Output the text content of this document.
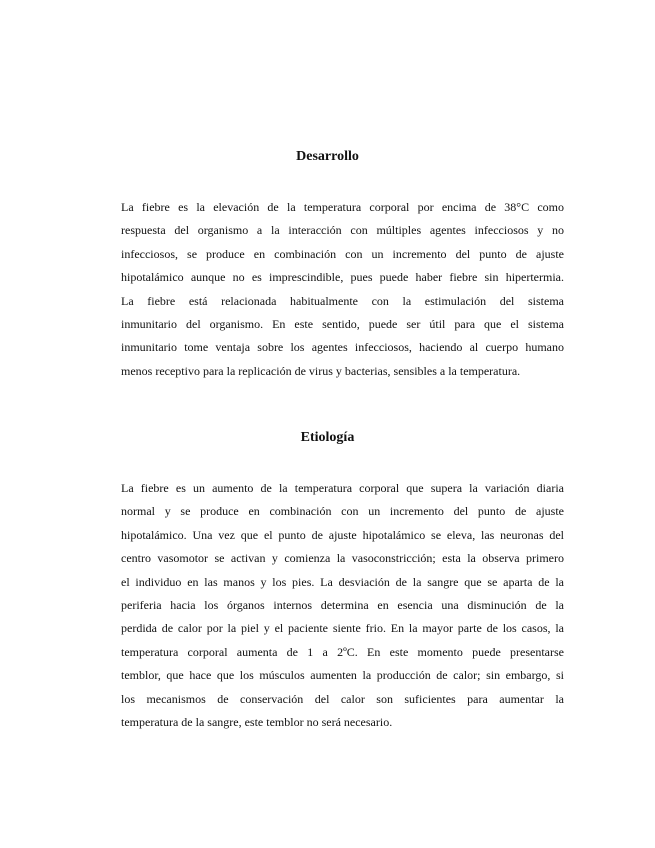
Desarrollo
La fiebre es la elevación de la temperatura corporal por encima de 38°C como
respuesta del organismo a la interacción con múltiples agentes infecciosos y no
infecciosos, se produce en combinación con un incremento del punto de ajuste
hipotalámico aunque no es imprescindible, pues puede haber fiebre sin hipertermia.
La fiebre está relacionada habitualmente con la estimulación del sistema
inmunitario del organismo. En este sentido, puede ser útil para que el sistema
inmunitario tome ventaja sobre los agentes infecciosos, haciendo al cuerpo humano
menos receptivo para la replicación de virus y bacterias, sensibles a la temperatura.
Etiología
La fiebre es un aumento de la temperatura corporal que supera la variación diaria
normal y se produce en combinación con un incremento del punto de ajuste
hipotalámico. Una vez que el punto de ajuste hipotalámico se eleva, las neuronas del
centro vasomotor se activan y comienza la vasoconstricción; esta la observa primero
el individuo en las manos y los pies. La desviación de la sangre que se aparta de la
periferia hacia los órganos internos determina en esencia una disminución de la
perdida de calor por la piel y el paciente siente frio. En la mayor parte de los casos, la
temperatura corporal aumenta de 1 a 2ºC. En este momento puede presentarse
temblor, que hace que los músculos aumenten la producción de calor; sin embargo, si
los mecanismos de conservación del calor son suficientes para aumentar la
temperatura de la sangre, este temblor no será necesario.
